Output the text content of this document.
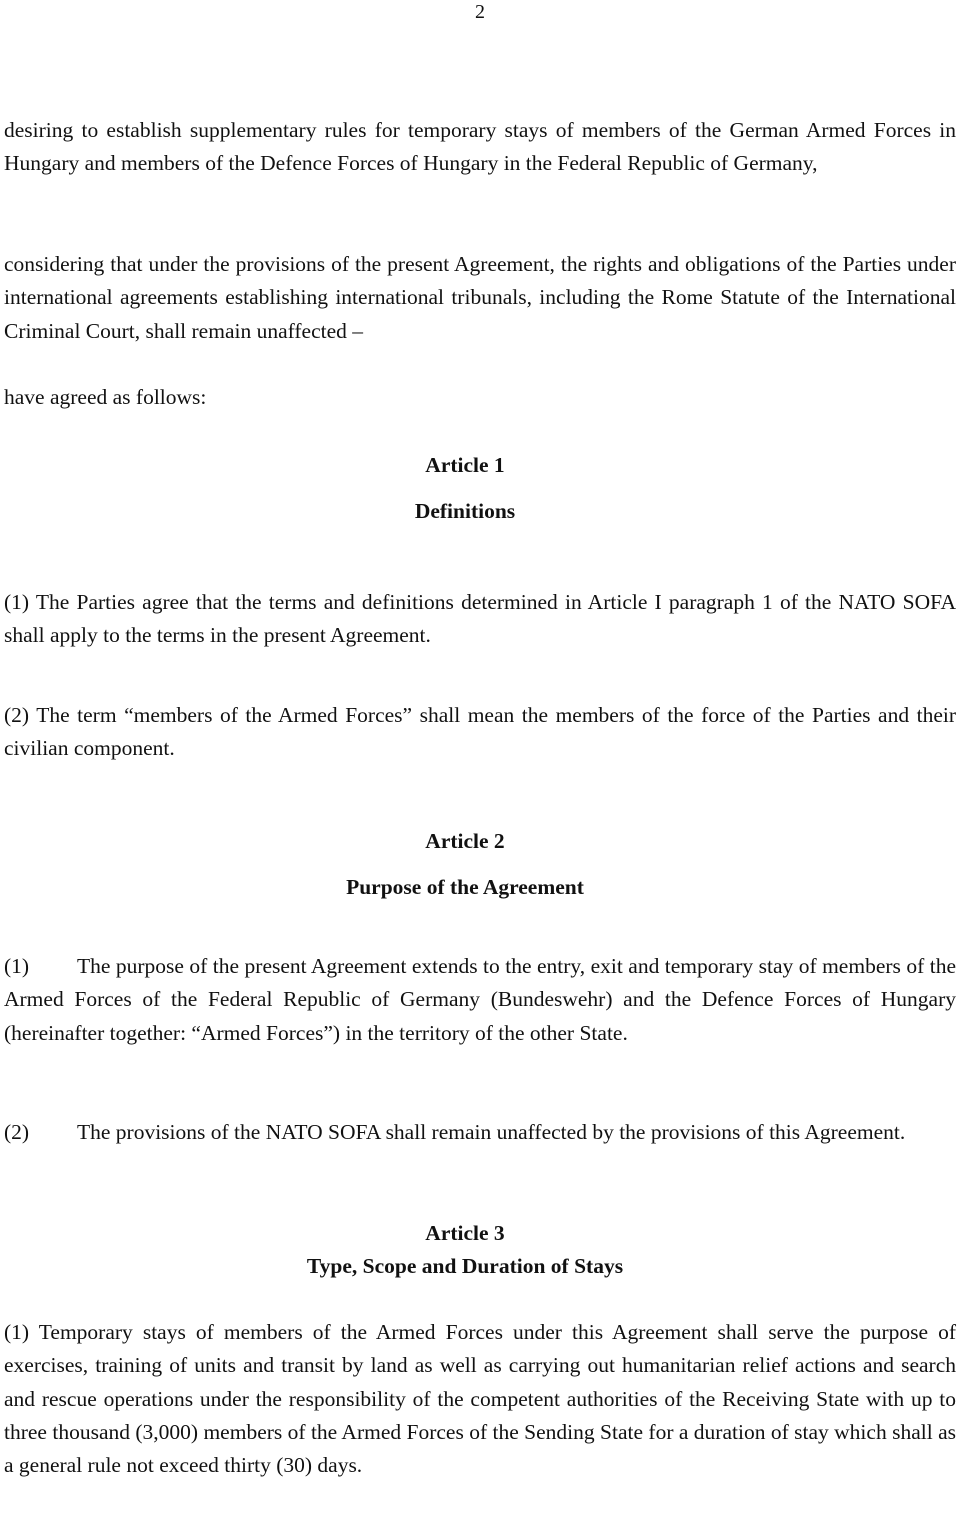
2

desiring to establish supplementary rules for temporary stays of members of the German Armed Forces in Hungary and members of the Defence Forces of Hungary in the Federal Republic of Germany,

considering that under the provisions of the present Agreement, the rights and obligations of the Parties under international agreements establishing international tribunals, including the Rome Statute of the International Criminal Court, shall remain unaffected –

have agreed as follows:

Article 1
Definitions

(1) The Parties agree that the terms and definitions determined in Article I paragraph 1 of the NATO SOFA shall apply to the terms in the present Agreement.

(2) The term “members of the Armed Forces” shall mean the members of the force of the Parties and their civilian component.

Article 2
Purpose of the Agreement

(1) The purpose of the present Agreement extends to the entry, exit and temporary stay of members of the Armed Forces of the Federal Republic of Germany (Bundeswehr) and the Defence Forces of Hungary (hereinafter together: “Armed Forces”) in the territory of the other State.

(2) The provisions of the NATO SOFA shall remain unaffected by the provisions of this Agreement.

Article 3
Type, Scope and Duration of Stays

(1) Temporary stays of members of the Armed Forces under this Agreement shall serve the purpose of exercises, training of units and transit by land as well as carrying out humanitarian relief actions and search and rescue operations under the responsibility of the competent authorities of the Receiving State with up to three thousand (3,000) members of the Armed Forces of the Sending State for a duration of stay which shall as a general rule not exceed thirty (30) days.
